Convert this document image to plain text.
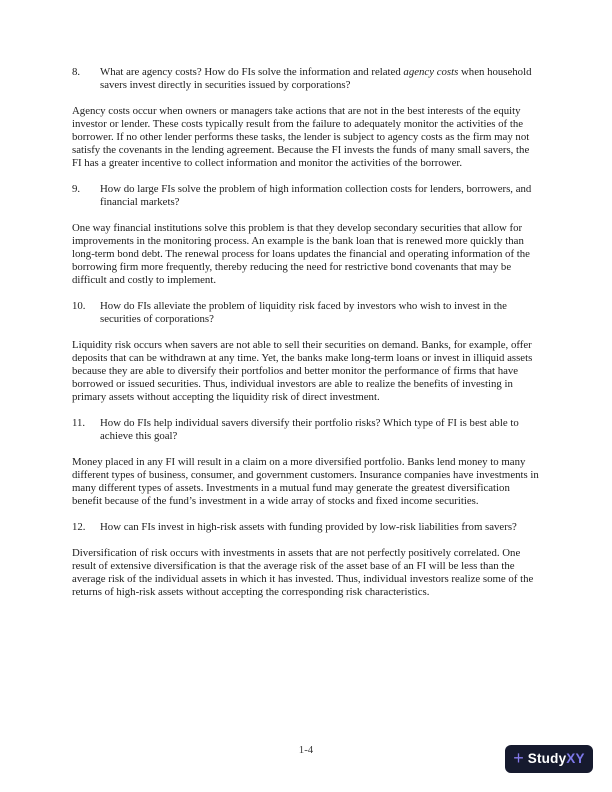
8.	What are agency costs? How do FIs solve the information and related agency costs when household savers invest directly in securities issued by corporations?

Agency costs occur when owners or managers take actions that are not in the best interests of the equity investor or lender. These costs typically result from the failure to adequately monitor the activities of the borrower. If no other lender performs these tasks, the lender is subject to agency costs as the firm may not satisfy the covenants in the lending agreement. Because the FI invests the funds of many small savers, the FI has a greater incentive to collect information and monitor the activities of the borrower.

9.	How do large FIs solve the problem of high information collection costs for lenders, borrowers, and financial markets?

One way financial institutions solve this problem is that they develop secondary securities that allow for improvements in the monitoring process. An example is the bank loan that is renewed more quickly than long-term bond debt. The renewal process for loans updates the financial and operating information of the borrowing firm more frequently, thereby reducing the need for restrictive bond covenants that may be difficult and costly to implement.

10.	How do FIs alleviate the problem of liquidity risk faced by investors who wish to invest in the securities of corporations?

Liquidity risk occurs when savers are not able to sell their securities on demand. Banks, for example, offer deposits that can be withdrawn at any time. Yet, the banks make long-term loans or invest in illiquid assets because they are able to diversify their portfolios and better monitor the performance of firms that have borrowed or issued securities. Thus, individual investors are able to realize the benefits of investing in primary assets without accepting the liquidity risk of direct investment.

11.	How do FIs help individual savers diversify their portfolio risks? Which type of FI is best able to achieve this goal?

Money placed in any FI will result in a claim on a more diversified portfolio. Banks lend money to many different types of business, consumer, and government customers. Insurance companies have investments in many different types of assets. Investments in a mutual fund may generate the greatest diversification benefit because of the fund’s investment in a wide array of stocks and fixed income securities.

12.	How can FIs invest in high-risk assets with funding provided by low-risk liabilities from savers?

Diversification of risk occurs with investments in assets that are not perfectly positively correlated. One result of extensive diversification is that the average risk of the asset base of an FI will be less than the average risk of the individual assets in which it has invested. Thus, individual investors realize some of the returns of high-risk assets without accepting the corresponding risk characteristics.

1-4	+ StudyXY
